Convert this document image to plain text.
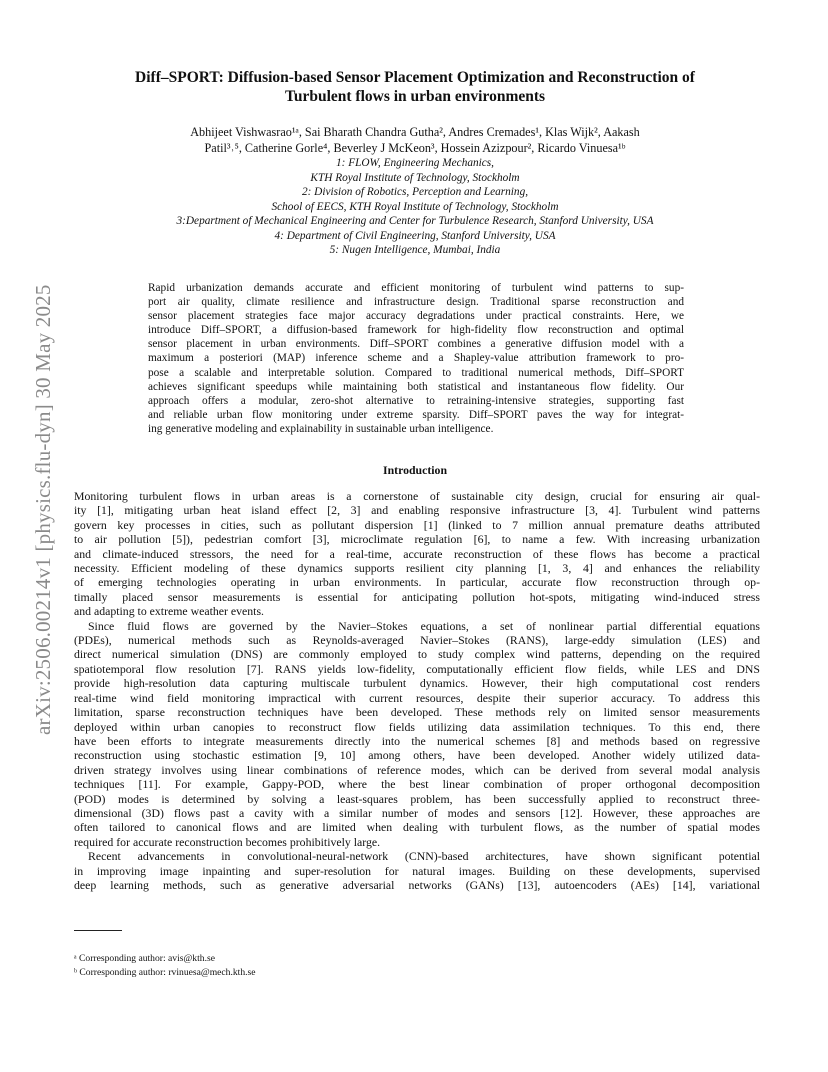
arXiv:2506.00214v1 [physics.flu-dyn] 30 May 2025
Diff–SPORT: Diffusion-based Sensor Placement Optimization and Reconstruction of
Turbulent flows in urban environments
Abhijeet Vishwasrao¹ᵃ, Sai Bharath Chandra Gutha², Andres Cremades¹, Klas Wijk², Aakash
Patil³˒⁵, Catherine Gorle⁴, Beverley J McKeon³, Hossein Azizpour², Ricardo Vinuesa¹ᵇ
1: FLOW, Engineering Mechanics,
KTH Royal Institute of Technology, Stockholm
2: Division of Robotics, Perception and Learning,
School of EECS, KTH Royal Institute of Technology, Stockholm
3:Department of Mechanical Engineering and Center for Turbulence Research, Stanford University, USA
4: Department of Civil Engineering, Stanford University, USA
5: Nugen Intelligence, Mumbai, India
Rapid urbanization demands accurate and efficient monitoring of turbulent wind patterns to sup-
port air quality, climate resilience and infrastructure design. Traditional sparse reconstruction and
sensor placement strategies face major accuracy degradations under practical constraints. Here, we
introduce Diff–SPORT, a diffusion-based framework for high-fidelity flow reconstruction and optimal
sensor placement in urban environments. Diff–SPORT combines a generative diffusion model with a
maximum a posteriori (MAP) inference scheme and a Shapley-value attribution framework to pro-
pose a scalable and interpretable solution. Compared to traditional numerical methods, Diff–SPORT
achieves significant speedups while maintaining both statistical and instantaneous flow fidelity. Our
approach offers a modular, zero-shot alternative to retraining-intensive strategies, supporting fast
and reliable urban flow monitoring under extreme sparsity. Diff–SPORT paves the way for integrat-
ing generative modeling and explainability in sustainable urban intelligence.
Introduction
Monitoring turbulent flows in urban areas is a cornerstone of sustainable city design, crucial for ensuring air qual-
ity [1], mitigating urban heat island effect [2, 3] and enabling responsive infrastructure [3, 4]. Turbulent wind patterns
govern key processes in cities, such as pollutant dispersion [1] (linked to 7 million annual premature deaths attributed
to air pollution [5]), pedestrian comfort [3], microclimate regulation [6], to name a few. With increasing urbanization
and climate-induced stressors, the need for a real-time, accurate reconstruction of these flows has become a practical
necessity. Efficient modeling of these dynamics supports resilient city planning [1, 3, 4] and enhances the reliability
of emerging technologies operating in urban environments. In particular, accurate flow reconstruction through op-
timally placed sensor measurements is essential for anticipating pollution hot-spots, mitigating wind-induced stress
and adapting to extreme weather events.
Since fluid flows are governed by the Navier–Stokes equations, a set of nonlinear partial differential equations
(PDEs), numerical methods such as Reynolds-averaged Navier–Stokes (RANS), large-eddy simulation (LES) and
direct numerical simulation (DNS) are commonly employed to study complex wind patterns, depending on the required
spatiotemporal flow resolution [7]. RANS yields low-fidelity, computationally efficient flow fields, while LES and DNS
provide high-resolution data capturing multiscale turbulent dynamics. However, their high computational cost renders
real-time wind field monitoring impractical with current resources, despite their superior accuracy. To address this
limitation, sparse reconstruction techniques have been developed. These methods rely on limited sensor measurements
deployed within urban canopies to reconstruct flow fields utilizing data assimilation techniques. To this end, there
have been efforts to integrate measurements directly into the numerical schemes [8] and methods based on regressive
reconstruction using stochastic estimation [9, 10] among others, have been developed. Another widely utilized data-
driven strategy involves using linear combinations of reference modes, which can be derived from several modal analysis
techniques [11]. For example, Gappy-POD, where the best linear combination of proper orthogonal decomposition
(POD) modes is determined by solving a least-squares problem, has been successfully applied to reconstruct three-
dimensional (3D) flows past a cavity with a similar number of modes and sensors [12]. However, these approaches are
often tailored to canonical flows and are limited when dealing with turbulent flows, as the number of spatial modes
required for accurate reconstruction becomes prohibitively large.
Recent advancements in convolutional-neural-network (CNN)-based architectures, have shown significant potential
in improving image inpainting and super-resolution for natural images. Building on these developments, supervised
deep learning methods, such as generative adversarial networks (GANs) [13], autoencoders (AEs) [14], variational
ᵃ Corresponding author: avis@kth.se
ᵇ Corresponding author: rvinuesa@mech.kth.se
